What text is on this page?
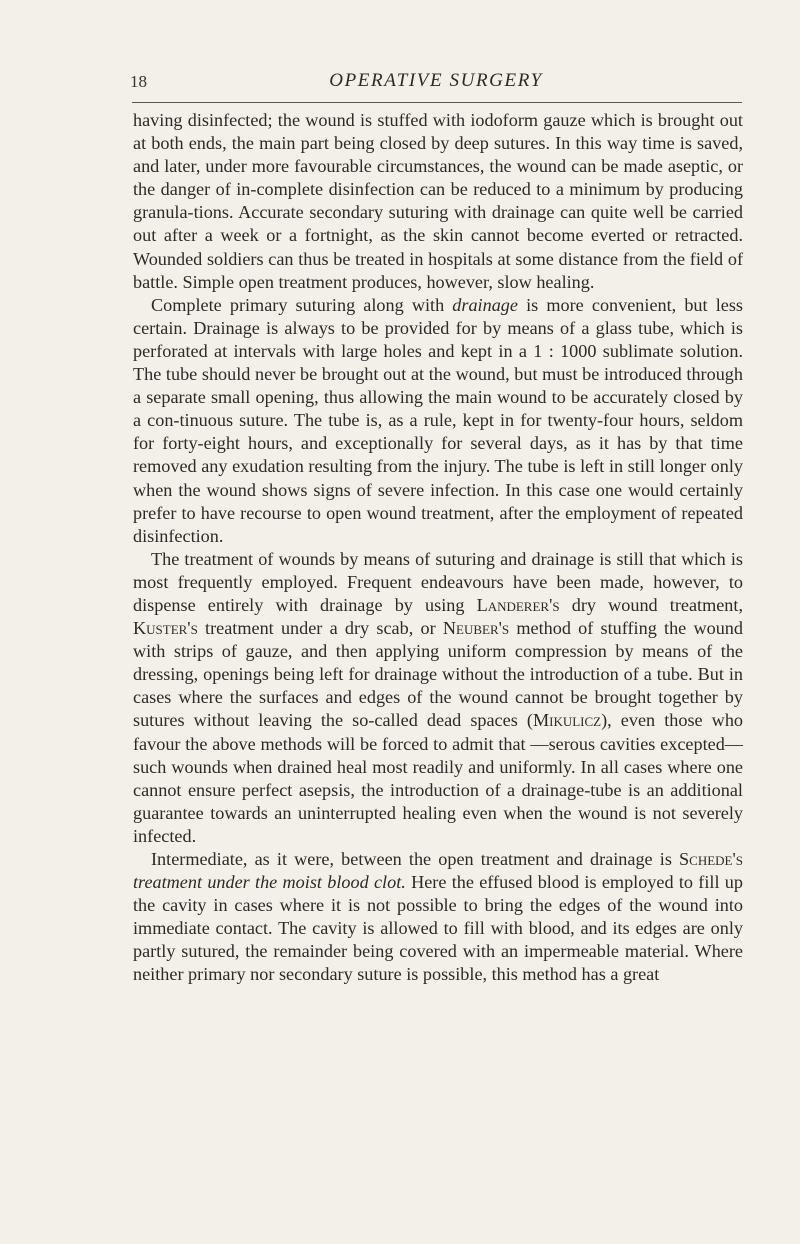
18	OPERATIVE SURGERY

having disinfected; the wound is stuffed with iodoform gauze which is brought out at both ends, the main part being closed by deep sutures. In this way time is saved, and later, under more favourable circumstances, the wound can be made aseptic, or the danger of in-complete disinfection can be reduced to a minimum by producing granula-tions. Accurate secondary suturing with drainage can quite well be carried out after a week or a fortnight, as the skin cannot become everted or retracted. Wounded soldiers can thus be treated in hospitals at some distance from the field of battle. Simple open treatment produces, however, slow healing.

Complete primary suturing along with drainage is more convenient, but less certain. Drainage is always to be provided for by means of a glass tube, which is perforated at intervals with large holes and kept in a 1 : 1000 sublimate solution. The tube should never be brought out at the wound, but must be introduced through a separate small opening, thus allowing the main wound to be accurately closed by a con-tinuous suture. The tube is, as a rule, kept in for twenty-four hours, seldom for forty-eight hours, and exceptionally for several days, as it has by that time removed any exudation resulting from the injury. The tube is left in still longer only when the wound shows signs of severe infection. In this case one would certainly prefer to have recourse to open wound treatment, after the employment of repeated disinfection.

The treatment of wounds by means of suturing and drainage is still that which is most frequently employed. Frequent endeavours have been made, however, to dispense entirely with drainage by using Landerer's dry wound treatment, Kuster's treatment under a dry scab, or Neuber's method of stuffing the wound with strips of gauze, and then applying uniform compression by means of the dressing, openings being left for drainage without the introduction of a tube. But in cases where the surfaces and edges of the wound cannot be brought together by sutures without leaving the so-called dead spaces (Mikulicz), even those who favour the above methods will be forced to admit that —serous cavities excepted—such wounds when drained heal most readily and uniformly. In all cases where one cannot ensure perfect asepsis, the introduction of a drainage-tube is an additional guarantee towards an uninterrupted healing even when the wound is not severely infected.

Intermediate, as it were, between the open treatment and drainage is Schede's treatment under the moist blood clot. Here the effused blood is employed to fill up the cavity in cases where it is not possible to bring the edges of the wound into immediate contact. The cavity is allowed to fill with blood, and its edges are only partly sutured, the remainder being covered with an impermeable material. Where neither primary nor secondary suture is possible, this method has a great
